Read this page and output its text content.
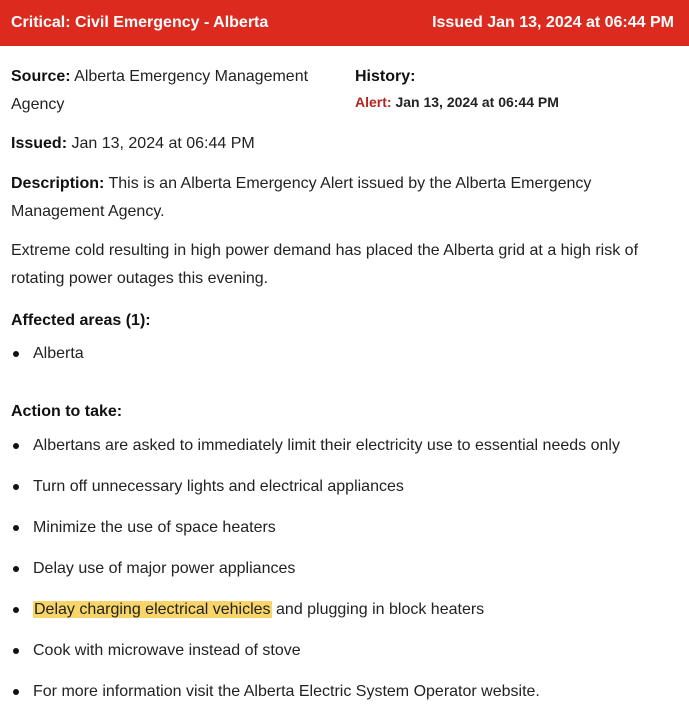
Critical: Civil Emergency - Alberta	Issued Jan 13, 2024 at 06:44 PM
Source: Alberta Emergency Management Agency
History:
Alert: Jan 13, 2024 at 06:44 PM

Issued: Jan 13, 2024 at 06:44 PM

Description: This is an Alberta Emergency Alert issued by the Alberta Emergency Management Agency.

Extreme cold resulting in high power demand has placed the Alberta grid at a high risk of rotating power outages this evening.

Affected areas (1):
Alberta
Action to take:
Albertans are asked to immediately limit their electricity use to essential needs only
Turn off unnecessary lights and electrical appliances
Minimize the use of space heaters
Delay use of major power appliances
Delay charging electrical vehicles and plugging in block heaters
Cook with microwave instead of stove
For more information visit the Alberta Electric System Operator website.
